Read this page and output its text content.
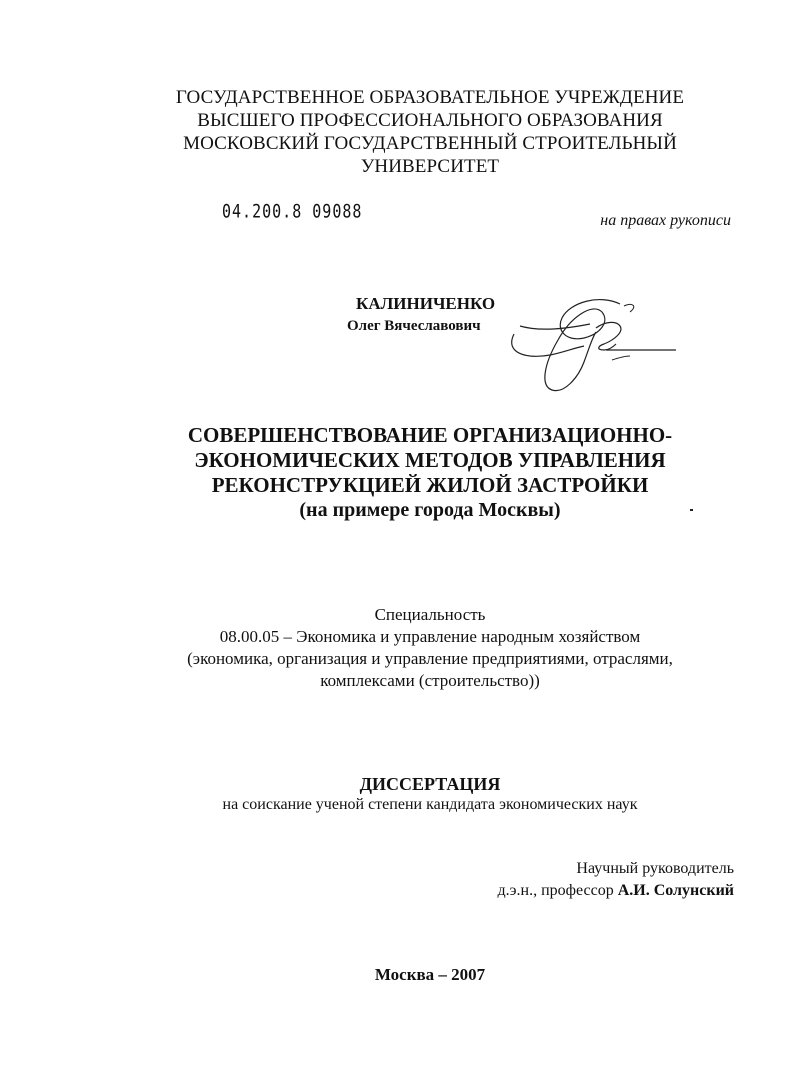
ГОСУДАРСТВЕННОЕ ОБРАЗОВАТЕЛЬНОЕ УЧРЕЖДЕНИЕ
ВЫСШЕГО ПРОФЕССИОНАЛЬНОГО ОБРАЗОВАНИЯ
МОСКОВСКИЙ ГОСУДАРСТВЕННЫЙ СТРОИТЕЛЬНЫЙ
УНИВЕРСИТЕТ
04.200.8 09088	на правах рукописи
КАЛИНИЧЕНКО
Олег Вячеславович
СОВЕРШЕНСТВОВАНИЕ ОРГАНИЗАЦИОННО-
ЭКОНОМИЧЕСКИХ МЕТОДОВ УПРАВЛЕНИЯ
РЕКОНСТРУКЦИЕЙ ЖИЛОЙ ЗАСТРОЙКИ
(на примере города Москвы)
Специальность
08.00.05 – Экономика и управление народным хозяйством
(экономика, организация и управление предприятиями, отраслями,
комплексами (строительство))
ДИССЕРТАЦИЯ
на соискание ученой степени кандидата экономических наук
Научный руководитель
д.э.н., профессор А.И. Солунский
Москва – 2007
